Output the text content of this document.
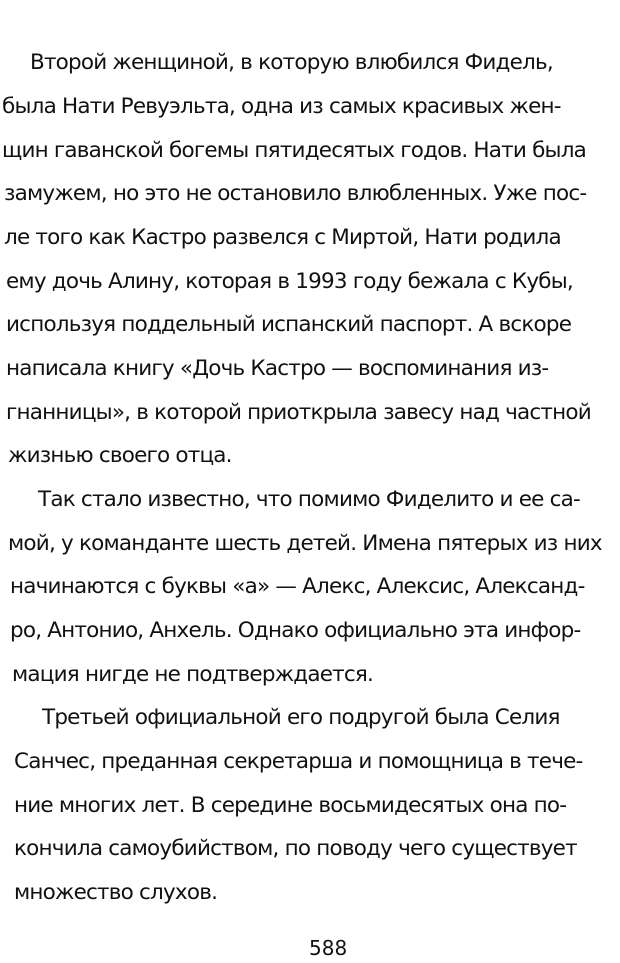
Второй женщиной, в которую влюбился Фидель,
была Нати Ревуэльта, одна из самых красивых жен-
щин гаванской богемы пятидесятых годов. Нати была
замужем, но это не остановило влюбленных. Уже пос-
ле того как Кастро развелся с Миртой, Нати родила
ему дочь Алину, которая в 1993 году бежала с Кубы,
используя поддельный испанский паспорт. А вскоре
написала книгу «Дочь Кастро — воспоминания из-
гнанницы», в которой приоткрыла завесу над частной
жизнью своего отца.
Так стало известно, что помимо Фиделито и ее са-
мой, у команданте шесть детей. Имена пятерых из них
начинаются с буквы «а» — Алекс, Алексис, Александ-
ро, Антонио, Анхель. Однако официально эта инфор-
мация нигде не подтверждается.
Третьей официальной его подругой была Селия
Санчес, преданная секретарша и помощница в тече-
ние многих лет. В середине восьмидесятых она по-
кончила самоубийством, по поводу чего существует
множество слухов.
588
